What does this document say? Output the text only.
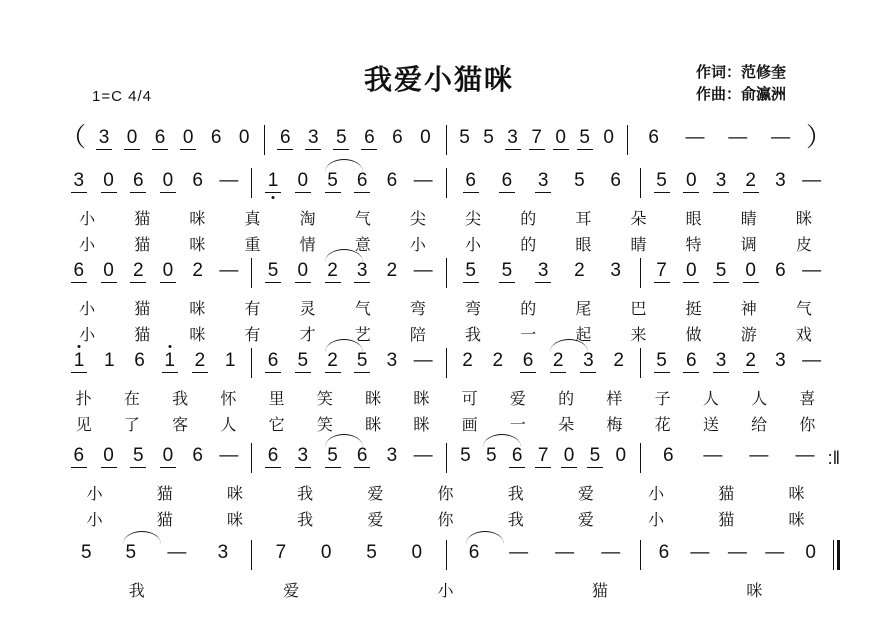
我爱小猫咪	作词：范修奎
作曲：俞瀛洲
1=C 4/4
（ 3 0 6 0 6 0 6 3 5 6 6 0 5 5 3 7 0 5 0 6 — — — ）
3 0 6 0 6 — 1 0 5 6 6 — 6 6 3 5 6 5 0 3 2 3 —
小	猫	咪	真	淘	气	尖	尖	的	耳	朵	眼	睛	眯
小	猫	咪	重	情	意	小	小	的	眼	睛	特	调	皮
6 0 2 0 2 — 5 0 2 3 2 — 5 5 3 2 3 7 0 5 0 6 —
小	猫	咪	有	灵	气	弯	弯	的	尾	巴	挺	神	气
小	猫	咪	有	才	艺	陪	我	一	起	来	做	游	戏
1 1 6 1 2 1 6 5 2 5 3 — 2 2 6 2 3 2 5 6 3 2 3 —
扑	在	我	怀	里	笑	眯	眯	可	爱	的	样	子	人	人	喜
见	了	客	人	它	笑	眯	眯	画	一	朵	梅	花	送	给	你
6 0 5 0 6 — 6 3 5 6 3 — 5 5 6 7 0 5 0 6 — — — :‖
小	猫	咪	我	爱	你	我	爱	小	猫	咪
小	猫	咪	我	爱	你	我	爱	小	猫	咪
5 5 — 3 7 0 5 0 6 — — — 6 — — — 0
我	爱	小	猫	咪
